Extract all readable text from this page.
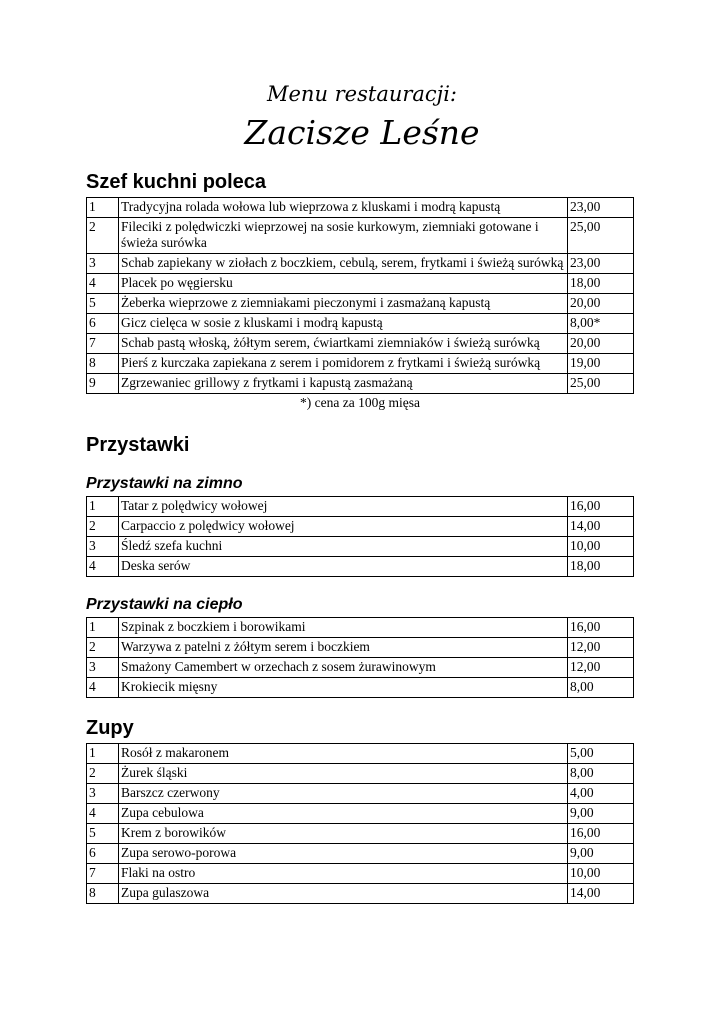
Menu restauracji:
Zacisze Leśne
Szef kuchni poleca
1	Tradycyjna rolada wołowa lub wieprzowa z kluskami i modrą kapustą	23,00
2	Fileciki z polędwiczki wieprzowej na sosie kurkowym, ziemniaki gotowane i świeża surówka	25,00
3	Schab zapiekany w ziołach z boczkiem, cebulą, serem, frytkami i świeżą surówką	23,00
4	Placek po węgiersku	18,00
5	Żeberka wieprzowe z ziemniakami pieczonymi i zasmażaną kapustą	20,00
6	Gicz cielęca w sosie z kluskami i modrą kapustą	8,00*
7	Schab pastą włoską, żółtym serem, ćwiartkami ziemniaków i świeżą surówką	20,00
8	Pierś z kurczaka zapiekana z serem i pomidorem z frytkami i świeżą surówką	19,00
9	Zgrzewaniec grillowy z frytkami i kapustą zasmażaną	25,00
*) cena za 100g mięsa
Przystawki
Przystawki na zimno
1	Tatar z polędwicy wołowej	16,00
2	Carpaccio z polędwicy wołowej	14,00
3	Śledź szefa kuchni	10,00
4	Deska serów	18,00
Przystawki na ciepło
1	Szpinak z boczkiem i borowikami	16,00
2	Warzywa z patelni z żółtym serem i boczkiem	12,00
3	Smażony Camembert w orzechach z sosem żurawinowym	12,00
4	Krokiecik mięsny	8,00
Zupy
1	Rosół z makaronem	5,00
2	Żurek śląski	8,00
3	Barszcz czerwony	4,00
4	Zupa cebulowa	9,00
5	Krem z borowików	16,00
6	Zupa serowo-porowa	9,00
7	Flaki na ostro	10,00
8	Zupa gulaszowa	14,00
